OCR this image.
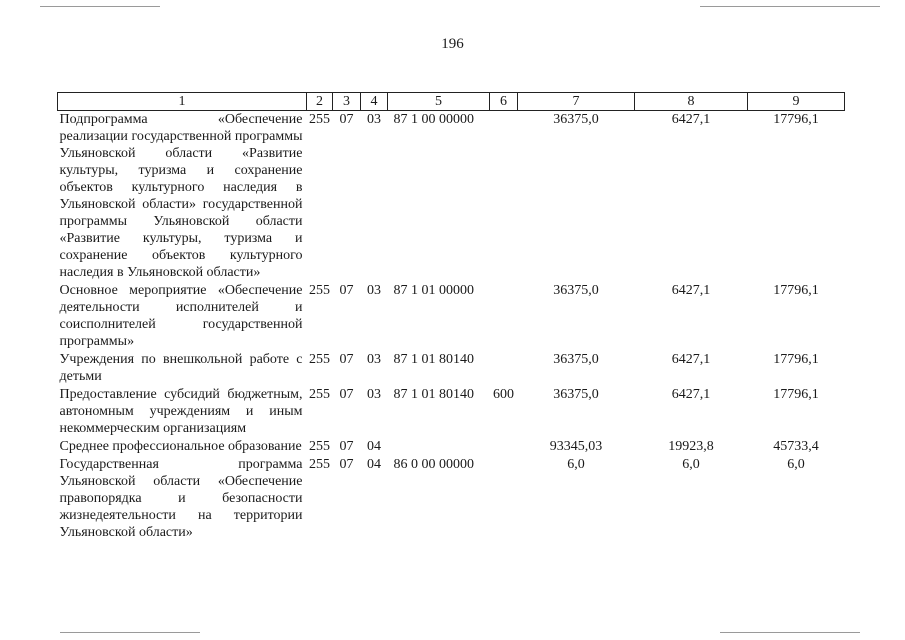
196
1	2	3	4	5	6	7	8	9
Подпрограмма «Обеспечение реализации государственной программы Ульяновской области «Развитие культуры, туризма и сохранение объектов культурного наследия в Ульяновской области» государственной программы Ульяновской области «Развитие культуры, туризма и сохранение объектов культурного наследия в Ульяновской области»	255	07	03	87 1 00 00000		36375,0	6427,1	17796,1
Основное мероприятие «Обеспечение деятельности исполнителей и соисполнителей государственной программы»	255	07	03	87 1 01 00000		36375,0	6427,1	17796,1
Учреждения по внешкольной работе с детьми	255	07	03	87 1 01 80140		36375,0	6427,1	17796,1
Предоставление субсидий бюджетным, автономным учреждениям и иным некоммерческим организациям	255	07	03	87 1 01 80140	600	36375,0	6427,1	17796,1
Среднее профессиональное образование	255	07	04			93345,03	19923,8	45733,4
Государственная программа Ульяновской области «Обеспечение правопорядка и безопасности жизнедеятельности на территории Ульяновской области»	255	07	04	86 0 00 00000		6,0	6,0	6,0
